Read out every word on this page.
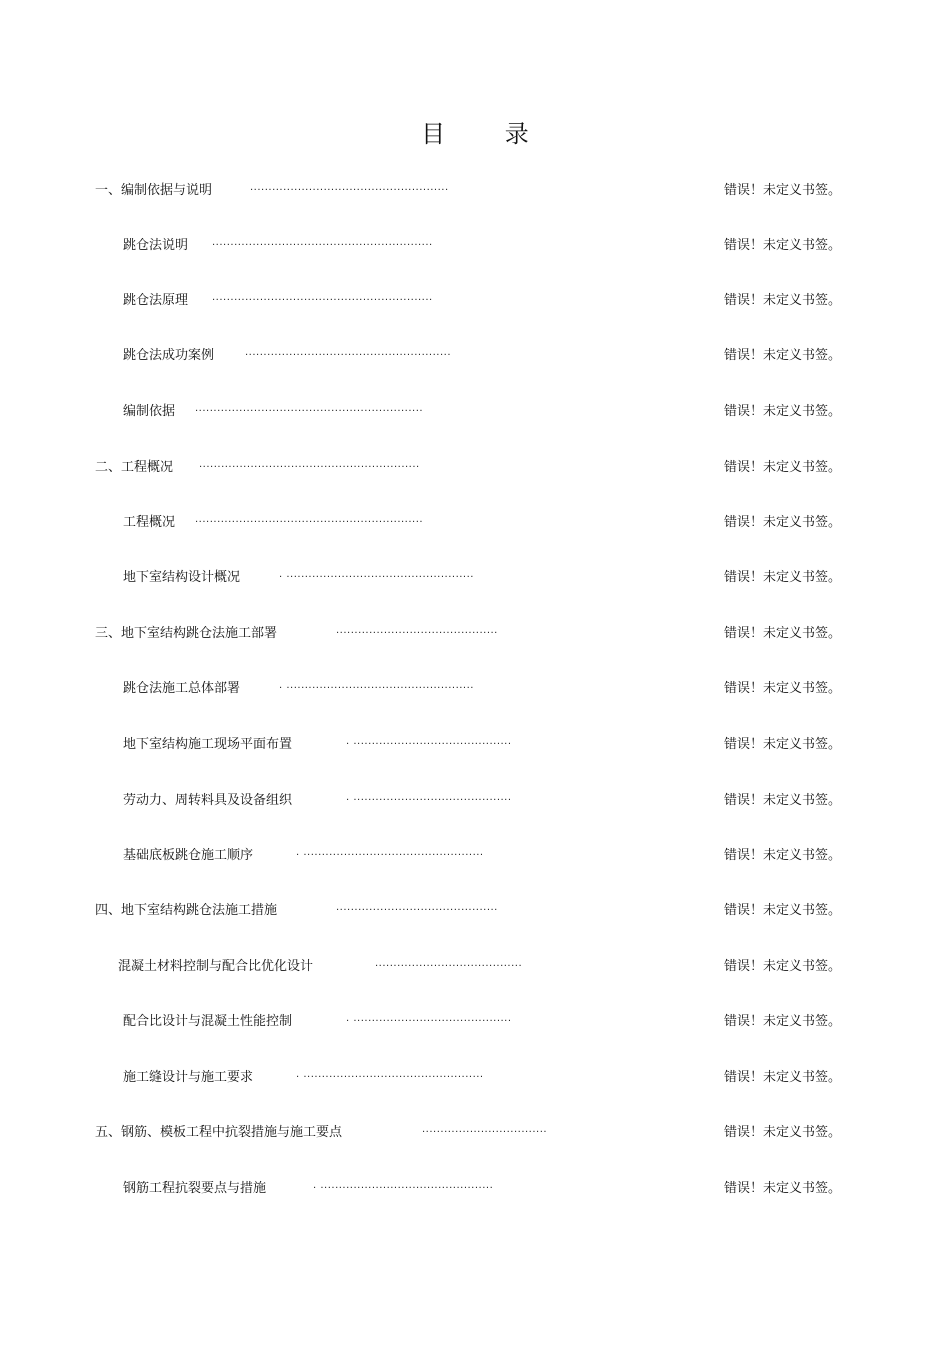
目 录
一、编制依据与说明	......................................................	错误！未定义书签。
跳仓法说明 ............................................................	错误！未定义书签。
跳仓法原理 ............................................................	错误！未定义书签。
跳仓法成功案例	........................................................	错误！未定义书签。
编制依据 ..............................................................	错误！未定义书签。
二、工程概况	............................................................	错误！未定义书签。
工程概况 ..............................................................	错误！未定义书签。
地下室结构设计概况	. ...................................................	错误！未定义书签。
三、地下室结构跳仓法施工部署	............................................	错误！未定义书签。
跳仓法施工总体部署	. ...................................................	错误！未定义书签。
地下室结构施工现场平面布置	. ...........................................	错误！未定义书签。
劳动力、周转料具及设备组织	. ...........................................	错误！未定义书签。
基础底板跳仓施工顺序	. .................................................	错误！未定义书签。
四、地下室结构跳仓法施工措施	............................................	错误！未定义书签。
混凝土材料控制与配合比优化设计	........................................	错误！未定义书签。
配合比设计与混凝土性能控制	. ...........................................	错误！未定义书签。
施工缝设计与施工要求	. .................................................	错误！未定义书签。
五、钢筋、模板工程中抗裂措施与施工要点	..................................	错误！未定义书签。
钢筋工程抗裂要点与措施	. ...............................................	错误！未定义书签。
